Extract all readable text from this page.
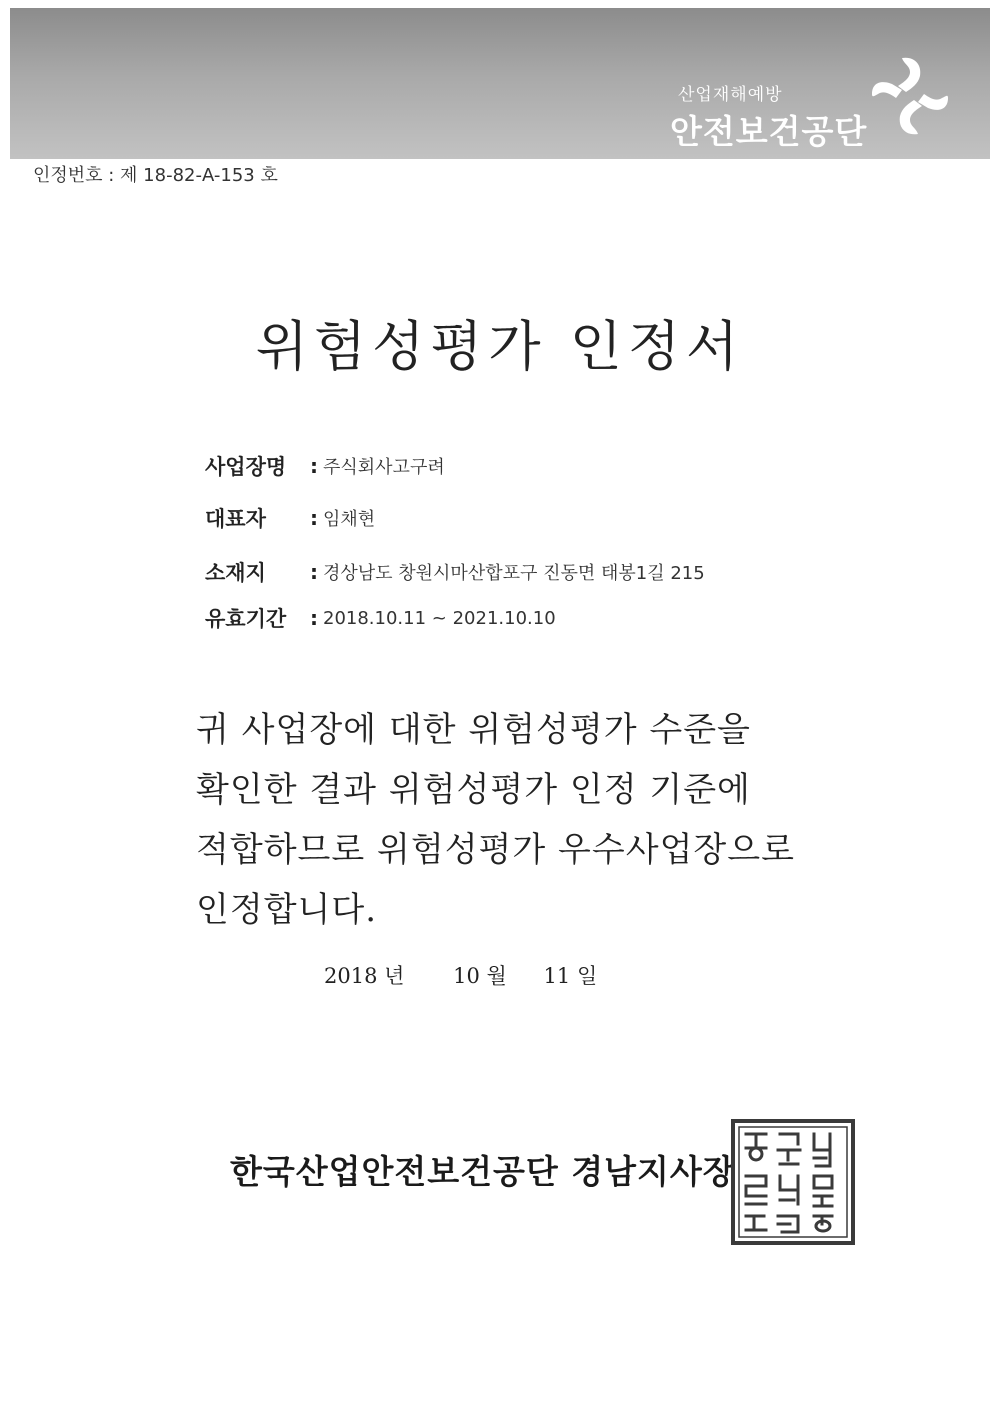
산업재해예방
안전보건공단
인정번호 : 제 18-82-A-153 호
위험성평가 인정서
사업장명 : 주식회사고구려
대표자 : 임채현
소재지 : 경상남도 창원시마산합포구 진동면 태봉1길 215
유효기간 : 2018.10.11 ~ 2021.10.10
귀 사업장에 대한 위험성평가 수준을
확인한 결과 위험성평가 인정 기준에
적합하므로 위험성평가 우수사업장으로
인정합니다.
2018 년 10 월 11 일
한국산업안전보건공단 경남지사장
